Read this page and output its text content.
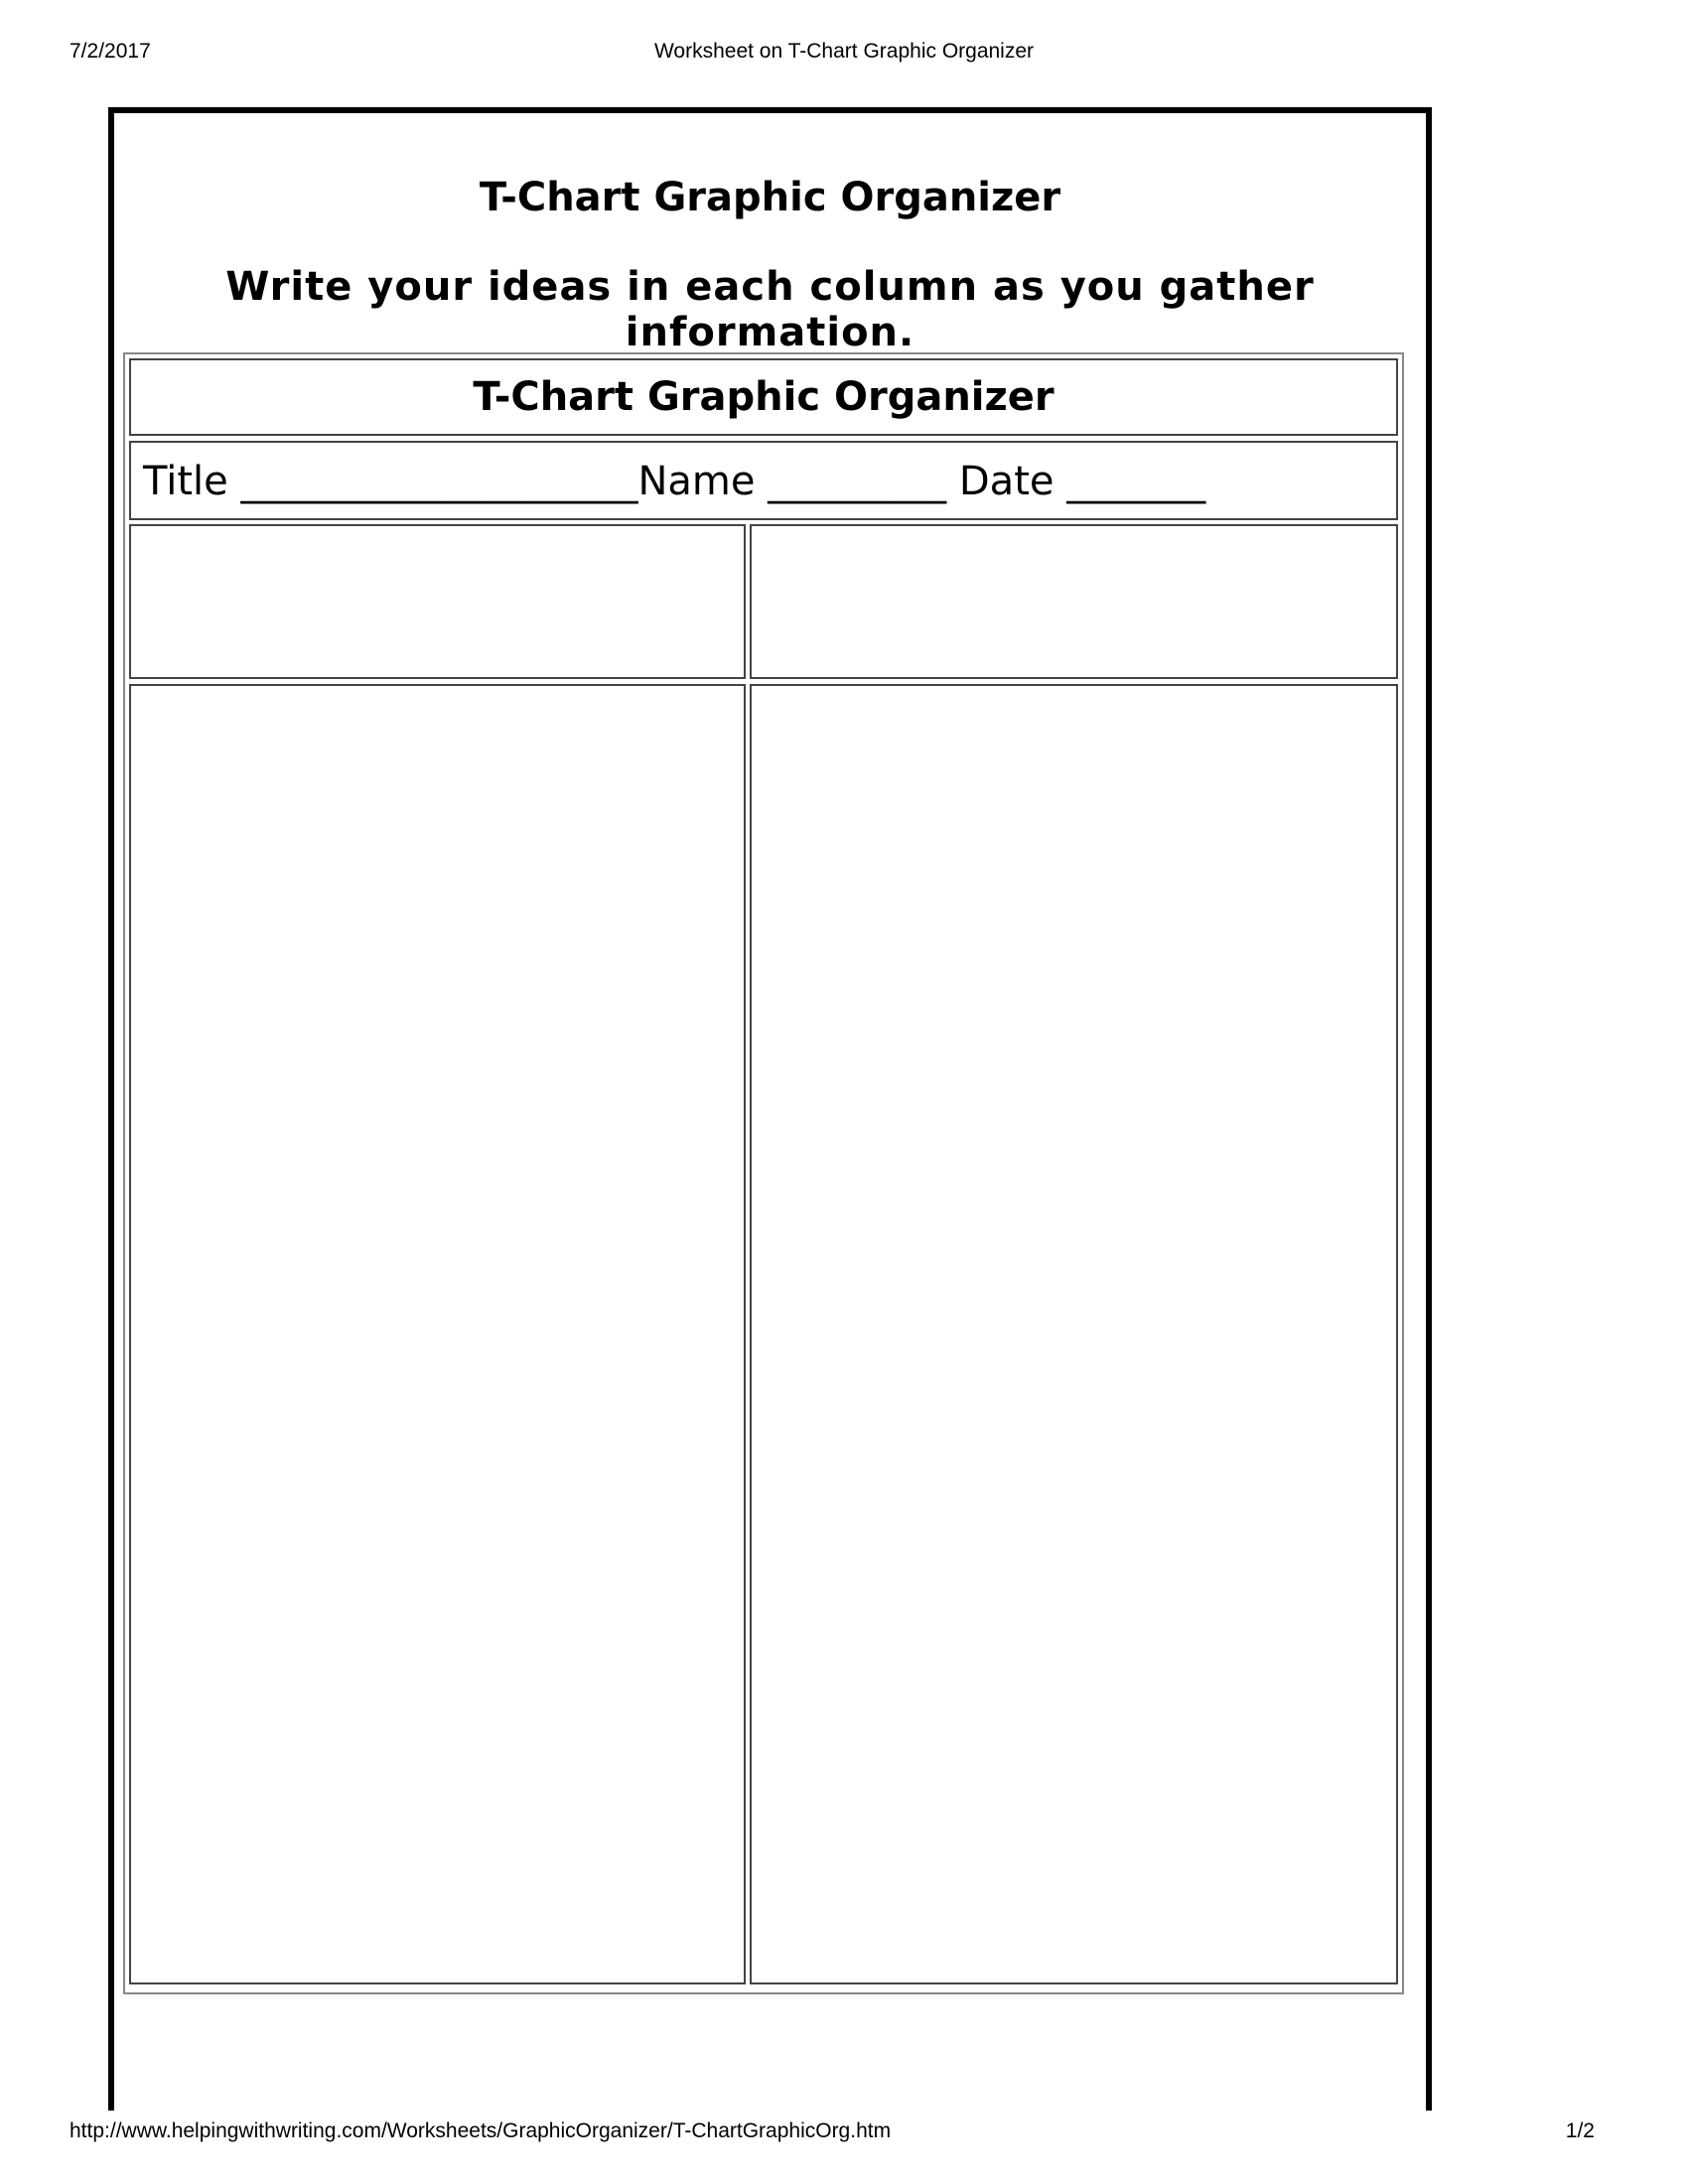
7/2/2017	Worksheet on T-Chart Graphic Organizer
T-Chart Graphic Organizer
Write your ideas in each column as you gather information.
T-Chart Graphic Organizer
Title ____________________Name _________ Date _______
http://www.helpingwithwriting.com/Worksheets/GraphicOrganizer/T-ChartGraphicOrg.htm	1/2
